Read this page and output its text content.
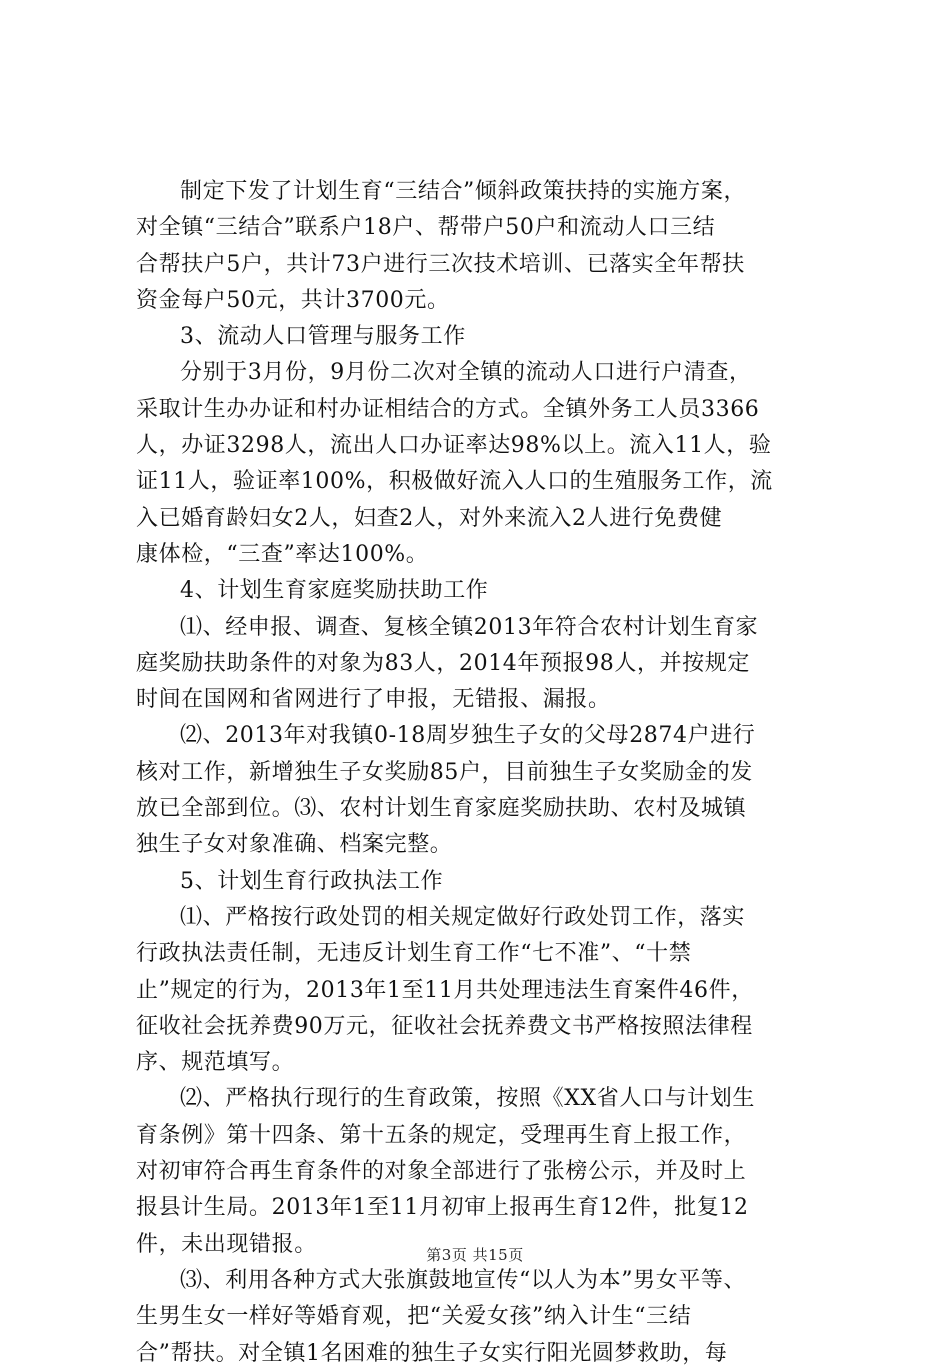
制定下发了计划生育“三结合”倾斜政策扶持的实施方案，
对全镇“三结合”联系户18户、帮带户50户和流动人口三结
合帮扶户5户，共计73户进行三次技术培训、已落实全年帮扶
资金每户50元，共计3700元。
3、流动人口管理与服务工作
分别于3月份，9月份二次对全镇的流动人口进行户清查，
采取计生办办证和村办证相结合的方式。全镇外务工人员3366
人，办证3298人，流出人口办证率达98%以上。流入11人，验
证11人，验证率100%，积极做好流入人口的生殖服务工作，流
入已婚育龄妇女2人，妇查2人，对外来流入2人进行免费健
康体检，“三查”率达100%。
4、计划生育家庭奖励扶助工作
⑴、经申报、调查、复核全镇2013年符合农村计划生育家
庭奖励扶助条件的对象为83人，2014年预报98人，并按规定
时间在国网和省网进行了申报，无错报、漏报。
⑵、2013年对我镇0-18周岁独生子女的父母2874户进行
核对工作，新增独生子女奖励85户，目前独生子女奖励金的发
放已全部到位。⑶、农村计划生育家庭奖励扶助、农村及城镇
独生子女对象准确、档案完整。
5、计划生育行政执法工作
⑴、严格按行政处罚的相关规定做好行政处罚工作，落实
行政执法责任制，无违反计划生育工作“七不准”、“十禁
止”规定的行为，2013年1至11月共处理违法生育案件46件，
征收社会抚养费90万元，征收社会抚养费文书严格按照法律程
序、规范填写。
⑵、严格执行现行的生育政策，按照《XX省人口与计划生
育条例》第十四条、第十五条的规定，受理再生育上报工作，
对初审符合再生育条件的对象全部进行了张榜公示，并及时上
报县计生局。2013年1至11月初审上报再生育12件，批复12
件，未出现错报。
⑶、利用各种方式大张旗鼓地宣传“以人为本”男女平等、
生男生女一样好等婚育观，把“关爱女孩”纳入计生“三结
合”帮扶。对全镇1名困难的独生子女实行阳光圆梦救助，每
第3页 共15页
